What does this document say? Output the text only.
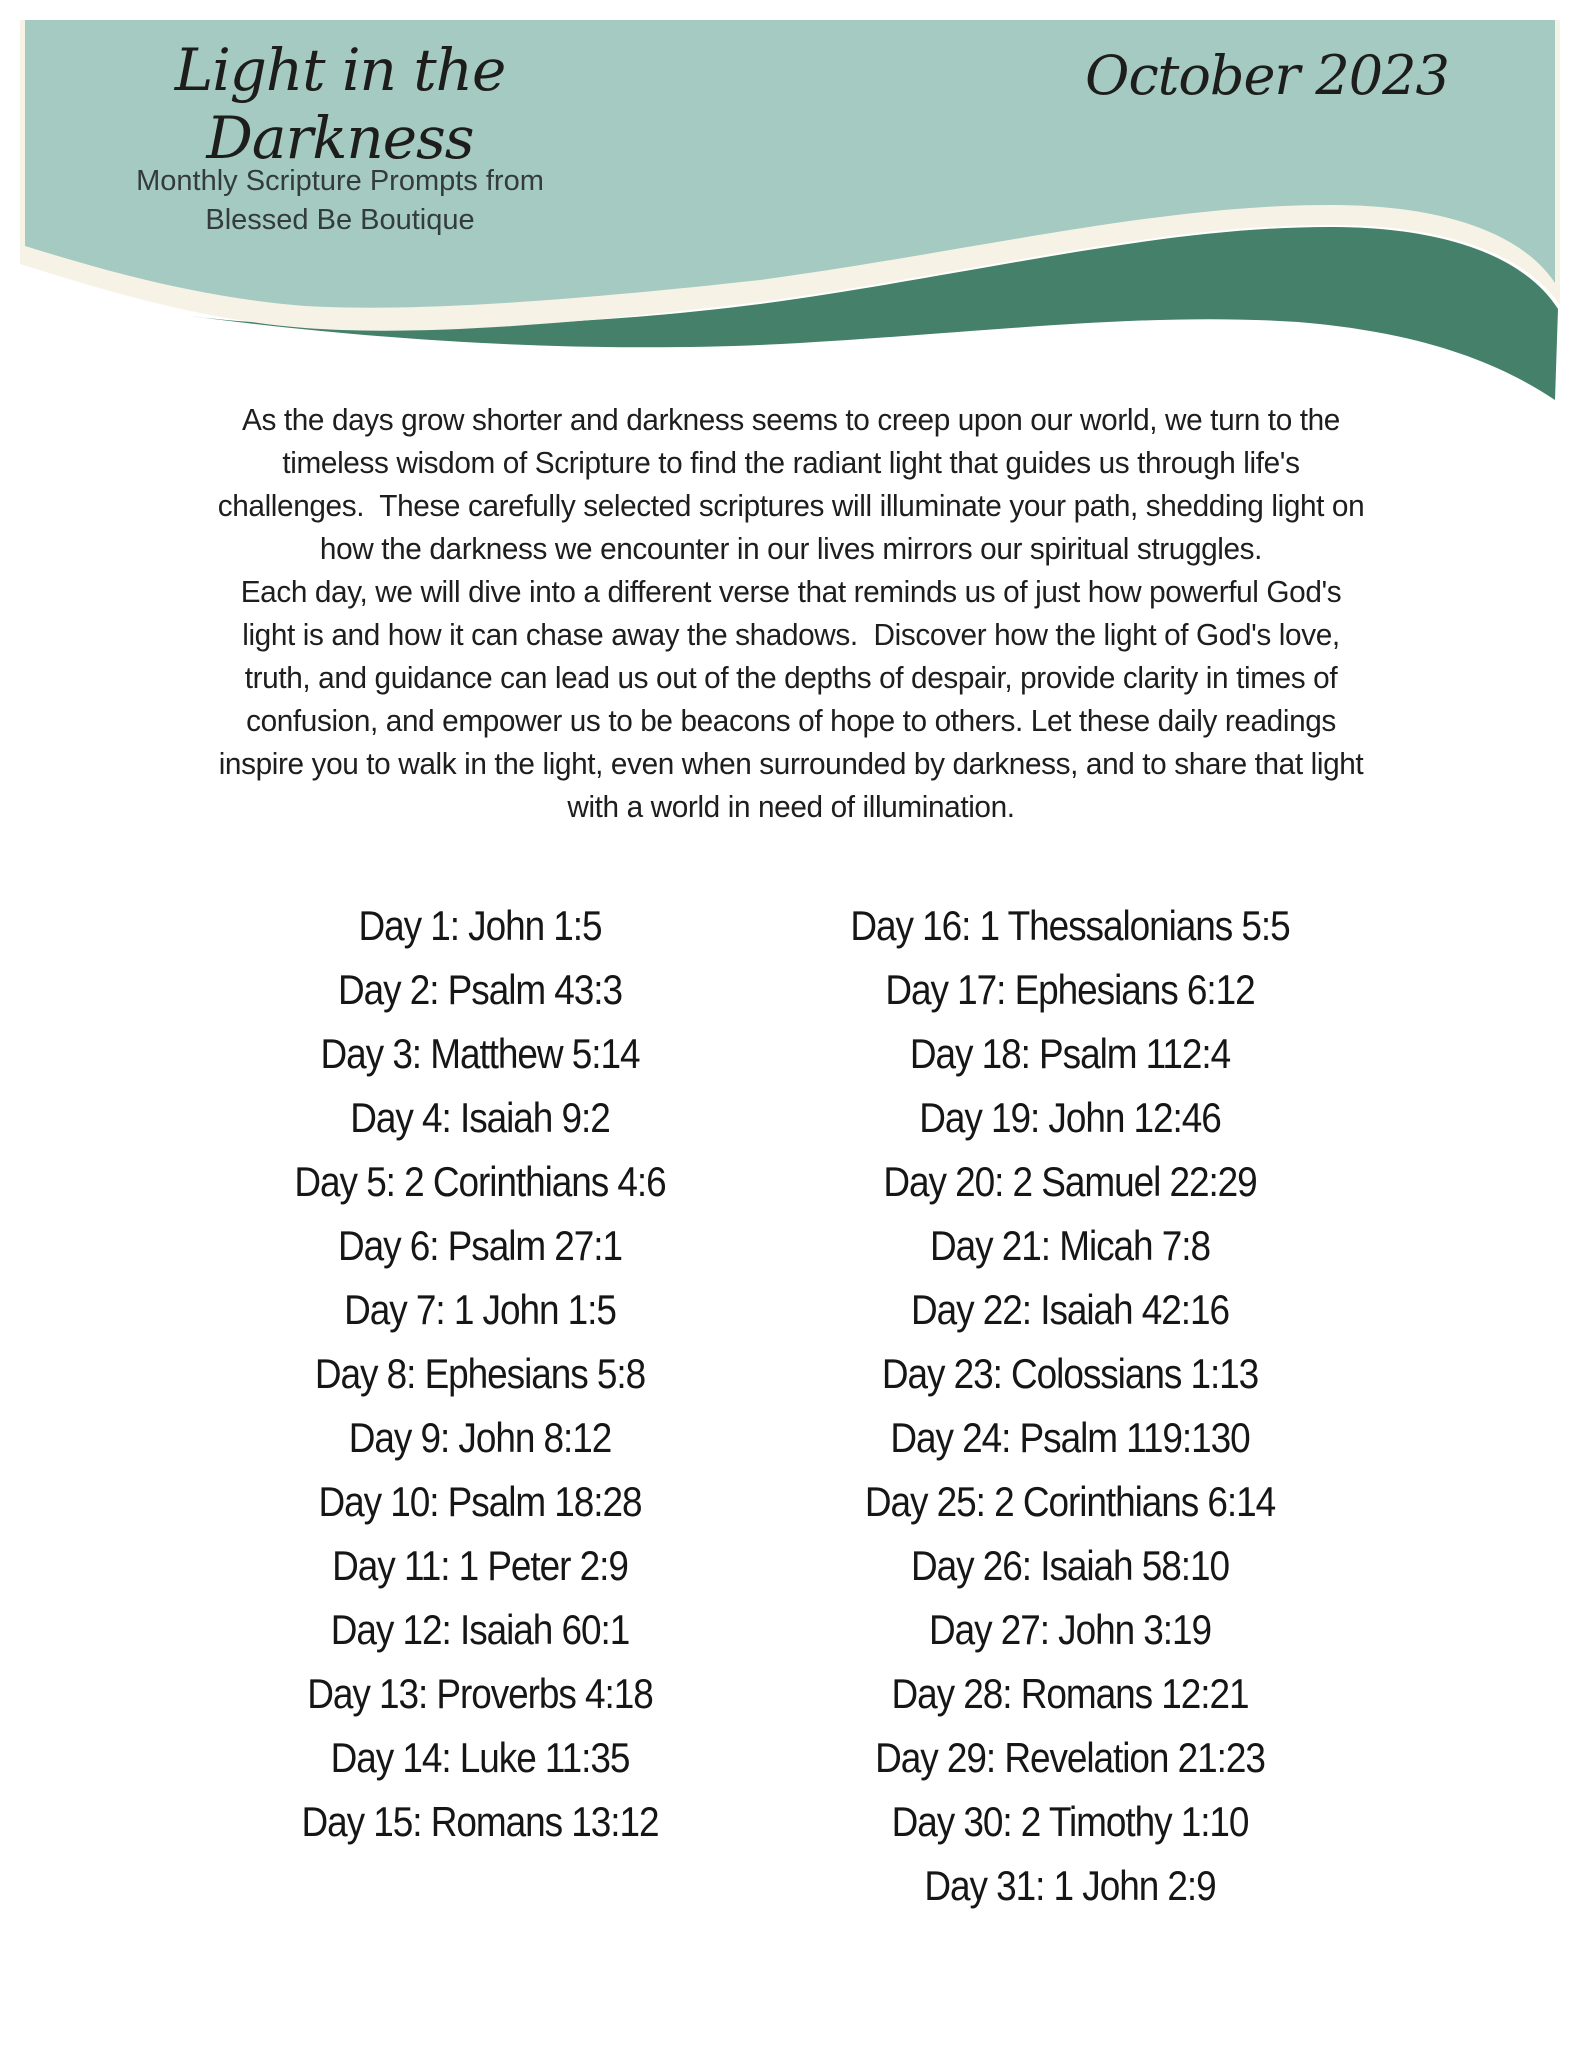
Light in the Darkness
Monthly Scripture Prompts from
Blessed Be Boutique
October 2023
As the days grow shorter and darkness seems to creep upon our world, we turn to the
timeless wisdom of Scripture to find the radiant light that guides us through life's
challenges.  These carefully selected scriptures will illuminate your path, shedding light on
how the darkness we encounter in our lives mirrors our spiritual struggles.
Each day, we will dive into a different verse that reminds us of just how powerful God's
light is and how it can chase away the shadows.  Discover how the light of God's love,
truth, and guidance can lead us out of the depths of despair, provide clarity in times of
confusion, and empower us to be beacons of hope to others. Let these daily readings
inspire you to walk in the light, even when surrounded by darkness, and to share that light
with a world in need of illumination.
Day 1: John 1:5
Day 2: Psalm 43:3
Day 3: Matthew 5:14
Day 4: Isaiah 9:2
Day 5: 2 Corinthians 4:6
Day 6: Psalm 27:1
Day 7: 1 John 1:5
Day 8: Ephesians 5:8
Day 9: John 8:12
Day 10: Psalm 18:28
Day 11: 1 Peter 2:9
Day 12: Isaiah 60:1
Day 13: Proverbs 4:18
Day 14: Luke 11:35
Day 15: Romans 13:12
Day 16: 1 Thessalonians 5:5
Day 17: Ephesians 6:12
Day 18: Psalm 112:4
Day 19: John 12:46
Day 20: 2 Samuel 22:29
Day 21: Micah 7:8
Day 22: Isaiah 42:16
Day 23: Colossians 1:13
Day 24: Psalm 119:130
Day 25: 2 Corinthians 6:14
Day 26: Isaiah 58:10
Day 27: John 3:19
Day 28: Romans 12:21
Day 29: Revelation 21:23
Day 30: 2 Timothy 1:10
Day 31: 1 John 2:9
